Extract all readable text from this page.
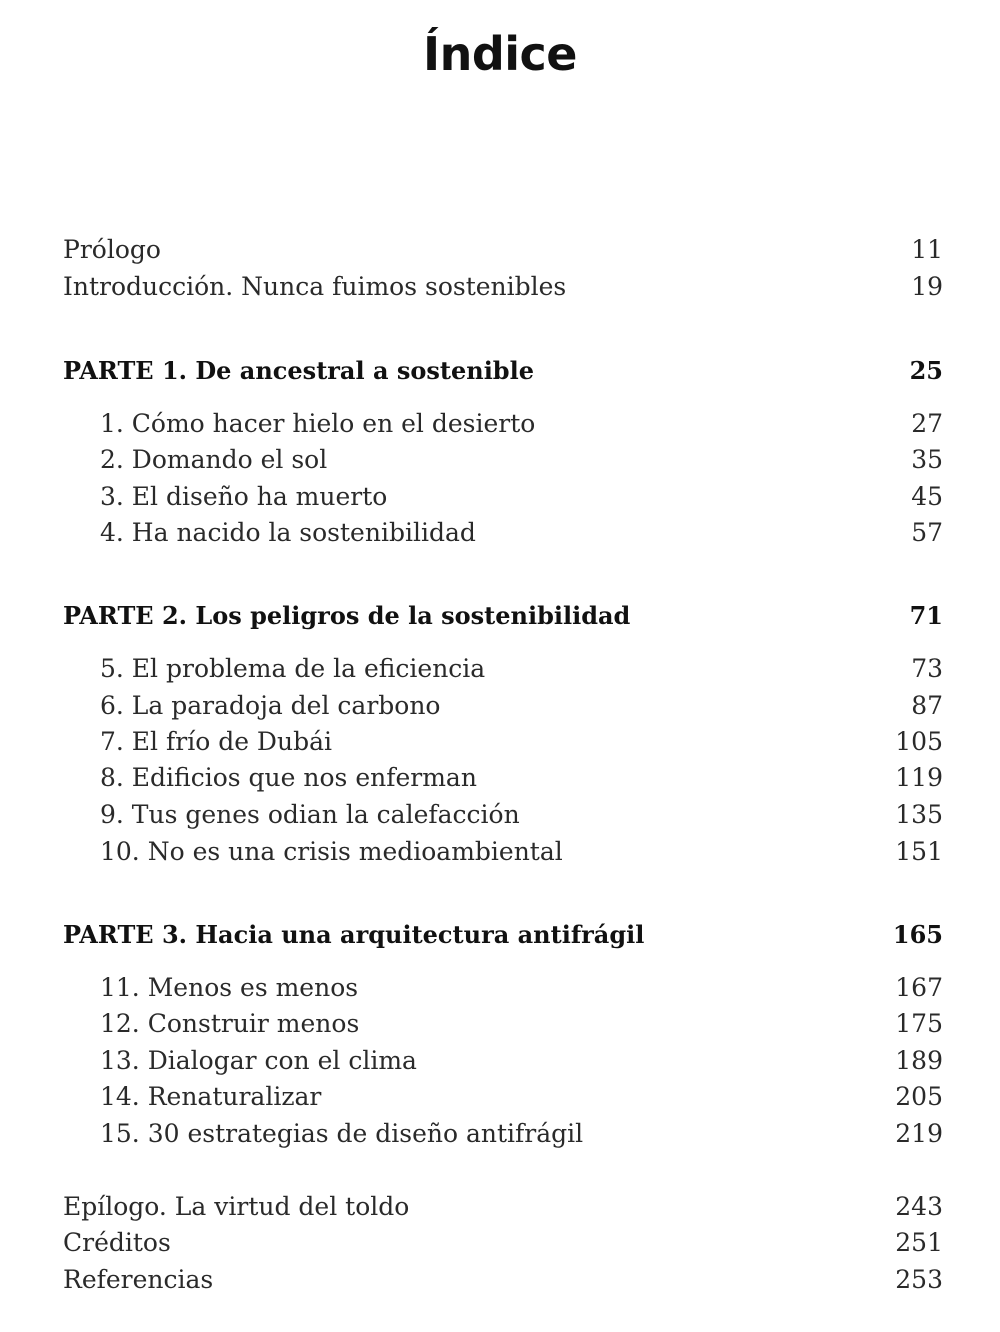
Índice
Prólogo	11
Introducción. Nunca fuimos sostenibles	19
PARTE 1. De ancestral a sostenible	25
1. Cómo hacer hielo en el desierto	27
2. Domando el sol	35
3. El diseño ha muerto	45
4. Ha nacido la sostenibilidad	57
PARTE 2. Los peligros de la sostenibilidad	71
5. El problema de la eficiencia	73
6. La paradoja del carbono	87
7. El frío de Dubái	105
8. Edificios que nos enferman	119
9. Tus genes odian la calefacción	135
10. No es una crisis medioambiental	151
PARTE 3. Hacia una arquitectura antifrágil	165
11. Menos es menos	167
12. Construir menos	175
13. Dialogar con el clima	189
14. Renaturalizar	205
15. 30 estrategias de diseño antifrágil	219
Epílogo. La virtud del toldo	243
Créditos	251
Referencias	253
